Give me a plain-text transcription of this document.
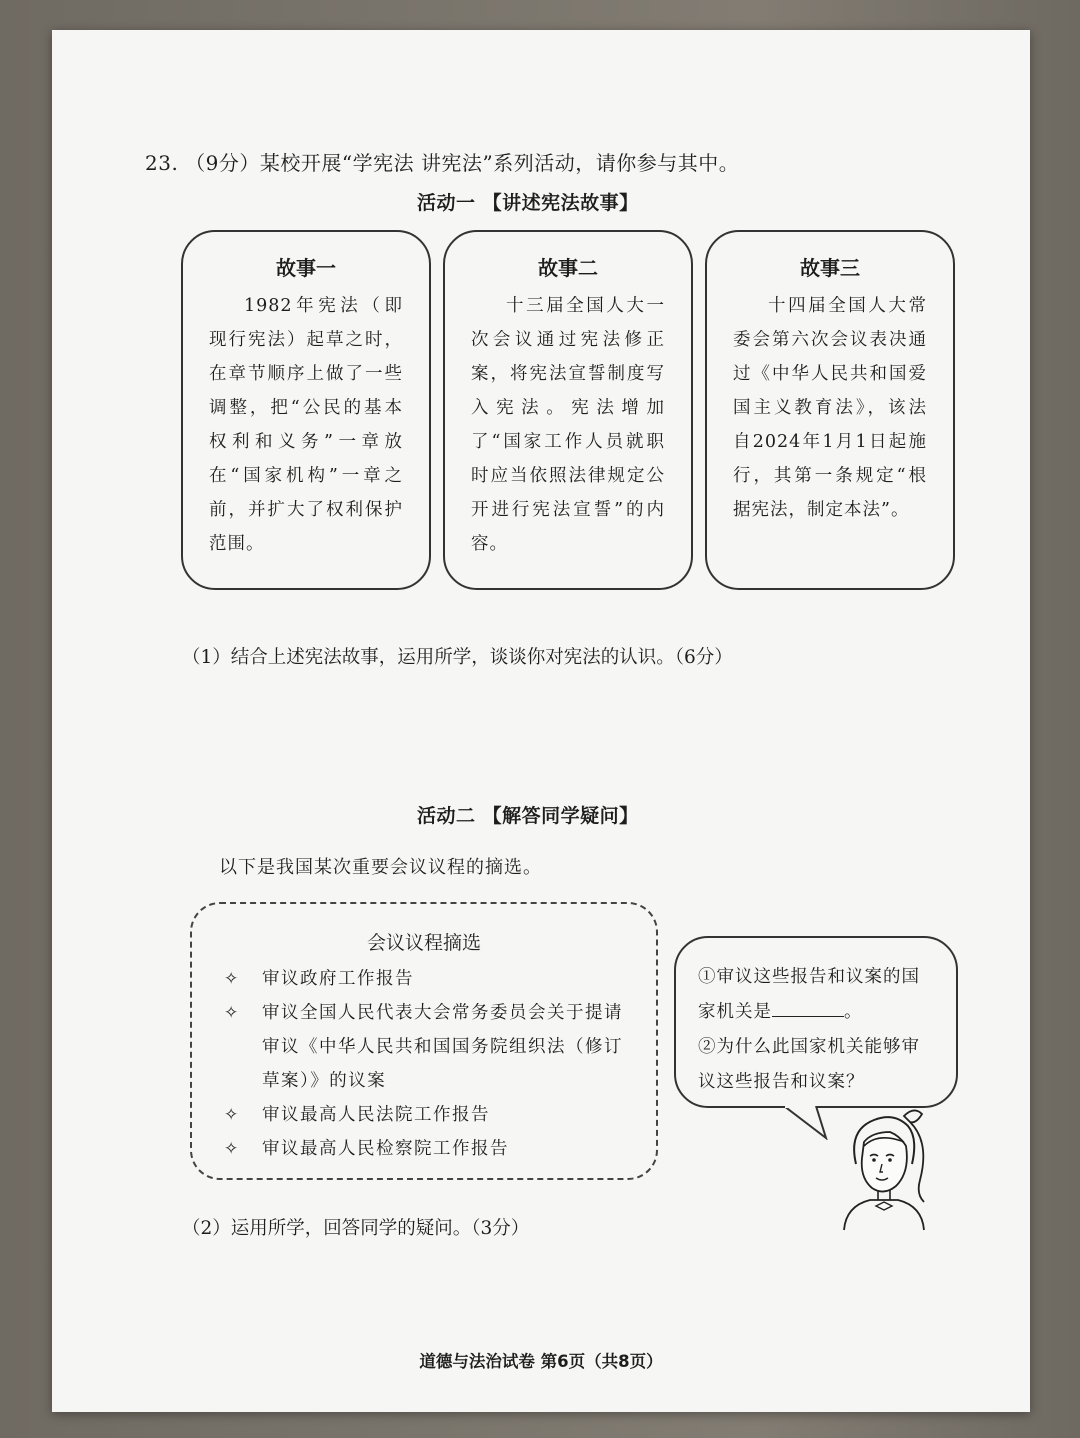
23. （9分）某校开展“学宪法 讲宪法”系列活动，请你参与其中。
活动一 【讲述宪法故事】
故事一
1982年宪法（即现行宪法）起草之时，在章节顺序上做了一些调整，把“公民的基本权利和义务”一章放在“国家机构”一章之前，并扩大了权利保护范围。
故事二
十三届全国人大一次会议通过宪法修正案，将宪法宣誓制度写入宪法。宪法增加了“国家工作人员就职时应当依照法律规定公开进行宪法宣誓”的内容。
故事三
十四届全国人大常委会第六次会议表决通过《中华人民共和国爱国主义教育法》，该法自2024年1月1日起施行，其第一条规定“根据宪法，制定本法”。
（1）结合上述宪法故事，运用所学，谈谈你对宪法的认识。（6分）
活动二 【解答同学疑问】
以下是我国某次重要会议议程的摘选。
会议议程摘选
✧ 审议政府工作报告
✧ 审议全国人民代表大会常务委员会关于提请审议《中华人民共和国国务院组织法（修订草案）》的议案
✧ 审议最高人民法院工作报告
✧ 审议最高人民检察院工作报告
①审议这些报告和议案的国家机关是	。
②为什么此国家机关能够审议这些报告和议案？
（2）运用所学，回答同学的疑问。（3分）
道德与法治试卷 第6页（共8页）
